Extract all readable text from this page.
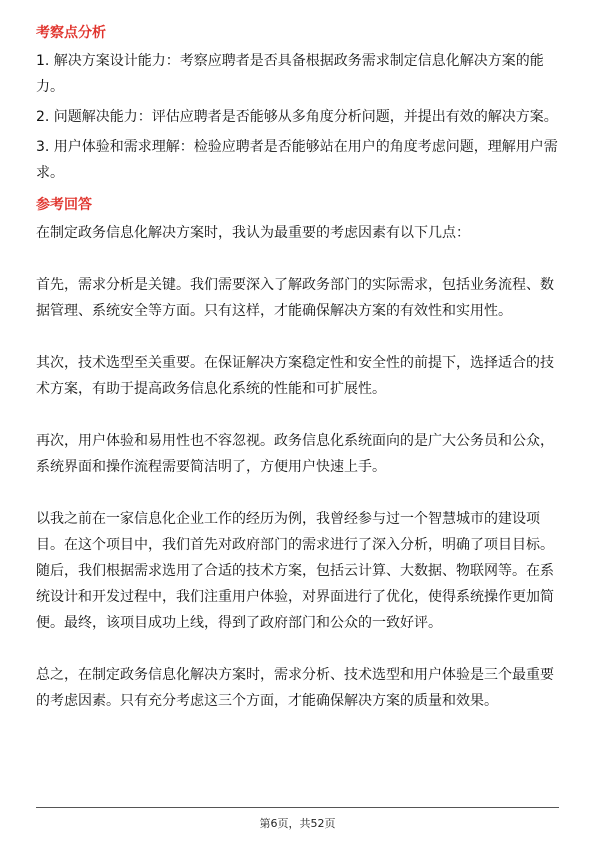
考察点分析
1. 解决方案设计能力：考察应聘者是否具备根据政务需求制定信息化解决方案的能力。
2. 问题解决能力：评估应聘者是否能够从多角度分析问题，并提出有效的解决方案。
3. 用户体验和需求理解：检验应聘者是否能够站在用户的角度考虑问题，理解用户需求。
参考回答
在制定政务信息化解决方案时，我认为最重要的考虑因素有以下几点：
首先，需求分析是关键。我们需要深入了解政务部门的实际需求，包括业务流程、数据管理、系统安全等方面。只有这样，才能确保解决方案的有效性和实用性。
其次，技术选型至关重要。在保证解决方案稳定性和安全性的前提下，选择适合的技术方案，有助于提高政务信息化系统的性能和可扩展性。
再次，用户体验和易用性也不容忽视。政务信息化系统面向的是广大公务员和公众，系统界面和操作流程需要简洁明了，方便用户快速上手。
以我之前在一家信息化企业工作的经历为例，我曾经参与过一个智慧城市的建设项目。在这个项目中，我们首先对政府部门的需求进行了深入分析，明确了项目目标。随后，我们根据需求选用了合适的技术方案，包括云计算、大数据、物联网等。在系统设计和开发过程中，我们注重用户体验，对界面进行了优化，使得系统操作更加简便。最终，该项目成功上线，得到了政府部门和公众的一致好评。
总之，在制定政务信息化解决方案时，需求分析、技术选型和用户体验是三个最重要的考虑因素。只有充分考虑这三个方面，才能确保解决方案的质量和效果。
第6页，共52页
